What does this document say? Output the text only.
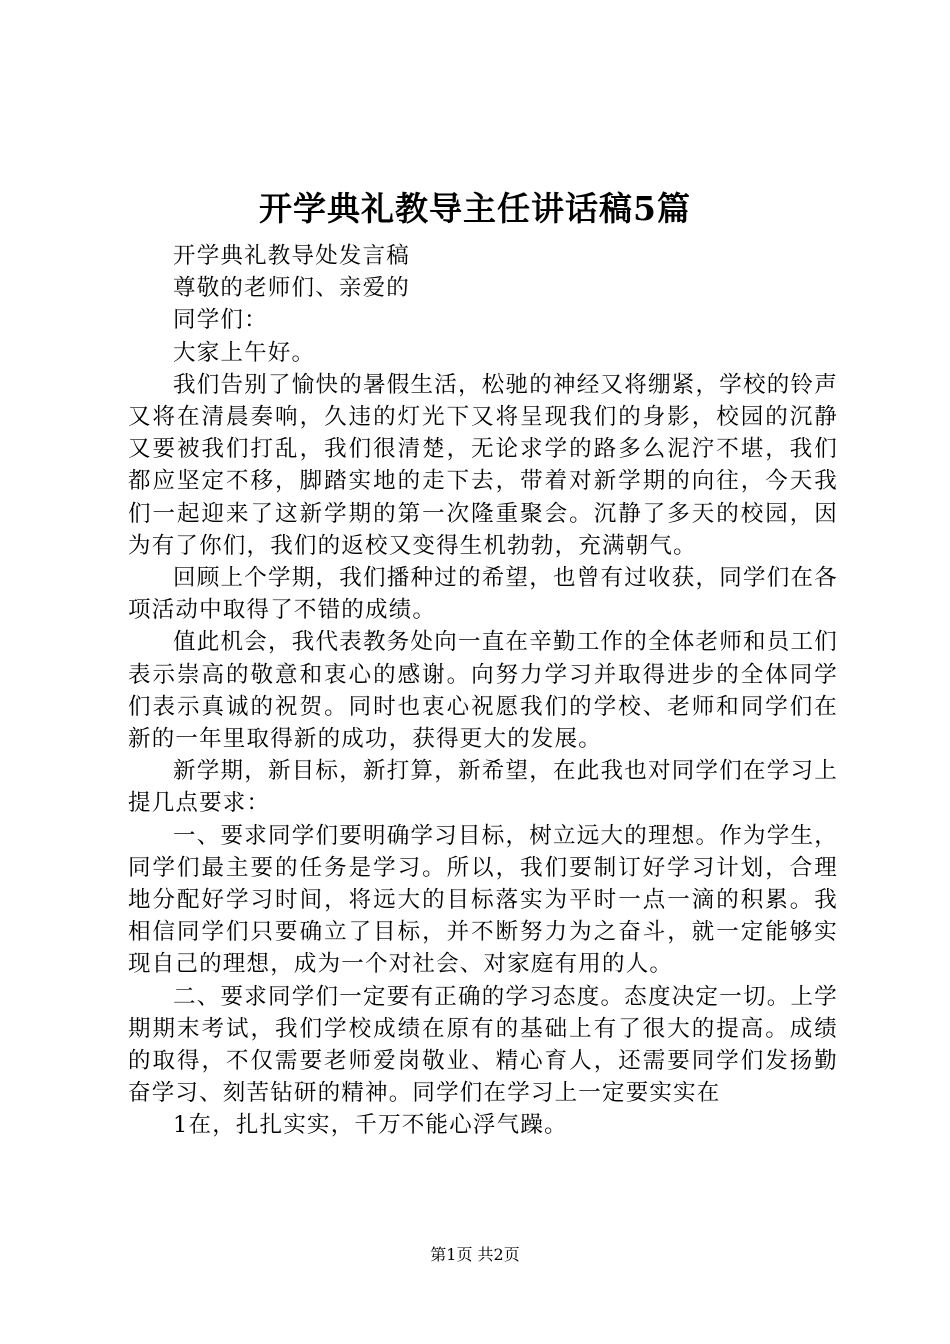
开学典礼教导主任讲话稿5篇

开学典礼教导处发言稿

尊敬的老师们、亲爱的

同学们：

大家上午好。

我们告别了愉快的暑假生活，松驰的神经又将绷紧，学校的铃声又将在清晨奏响，久违的灯光下又将呈现我们的身影，校园的沉静又要被我们打乱，我们很清楚，无论求学的路多么泥泞不堪，我们都应坚定不移，脚踏实地的走下去，带着对新学期的向往，今天我们一起迎来了这新学期的第一次隆重聚会。沉静了多天的校园，因为有了你们，我们的返校又变得生机勃勃，充满朝气。

回顾上个学期，我们播种过的希望，也曾有过收获，同学们在各项活动中取得了不错的成绩。

值此机会，我代表教务处向一直在辛勤工作的全体老师和员工们表示崇高的敬意和衷心的感谢。向努力学习并取得进步的全体同学们表示真诚的祝贺。同时也衷心祝愿我们的学校、老师和同学们在新的一年里取得新的成功，获得更大的发展。

新学期，新目标，新打算，新希望，在此我也对同学们在学习上提几点要求：

一、要求同学们要明确学习目标，树立远大的理想。作为学生，同学们最主要的任务是学习。所以，我们要制订好学习计划，合理地分配好学习时间，将远大的目标落实为平时一点一滴的积累。我相信同学们只要确立了目标，并不断努力为之奋斗，就一定能够实现自己的理想，成为一个对社会、对家庭有用的人。

二、要求同学们一定要有正确的学习态度。态度决定一切。上学期期末考试，我们学校成绩在原有的基础上有了很大的提高。成绩的取得，不仅需要老师爱岗敬业、精心育人，还需要同学们发扬勤奋学习、刻苦钻研的精神。同学们在学习上一定要实实在

1在，扎扎实实，千万不能心浮气躁。

第1页 共2页
